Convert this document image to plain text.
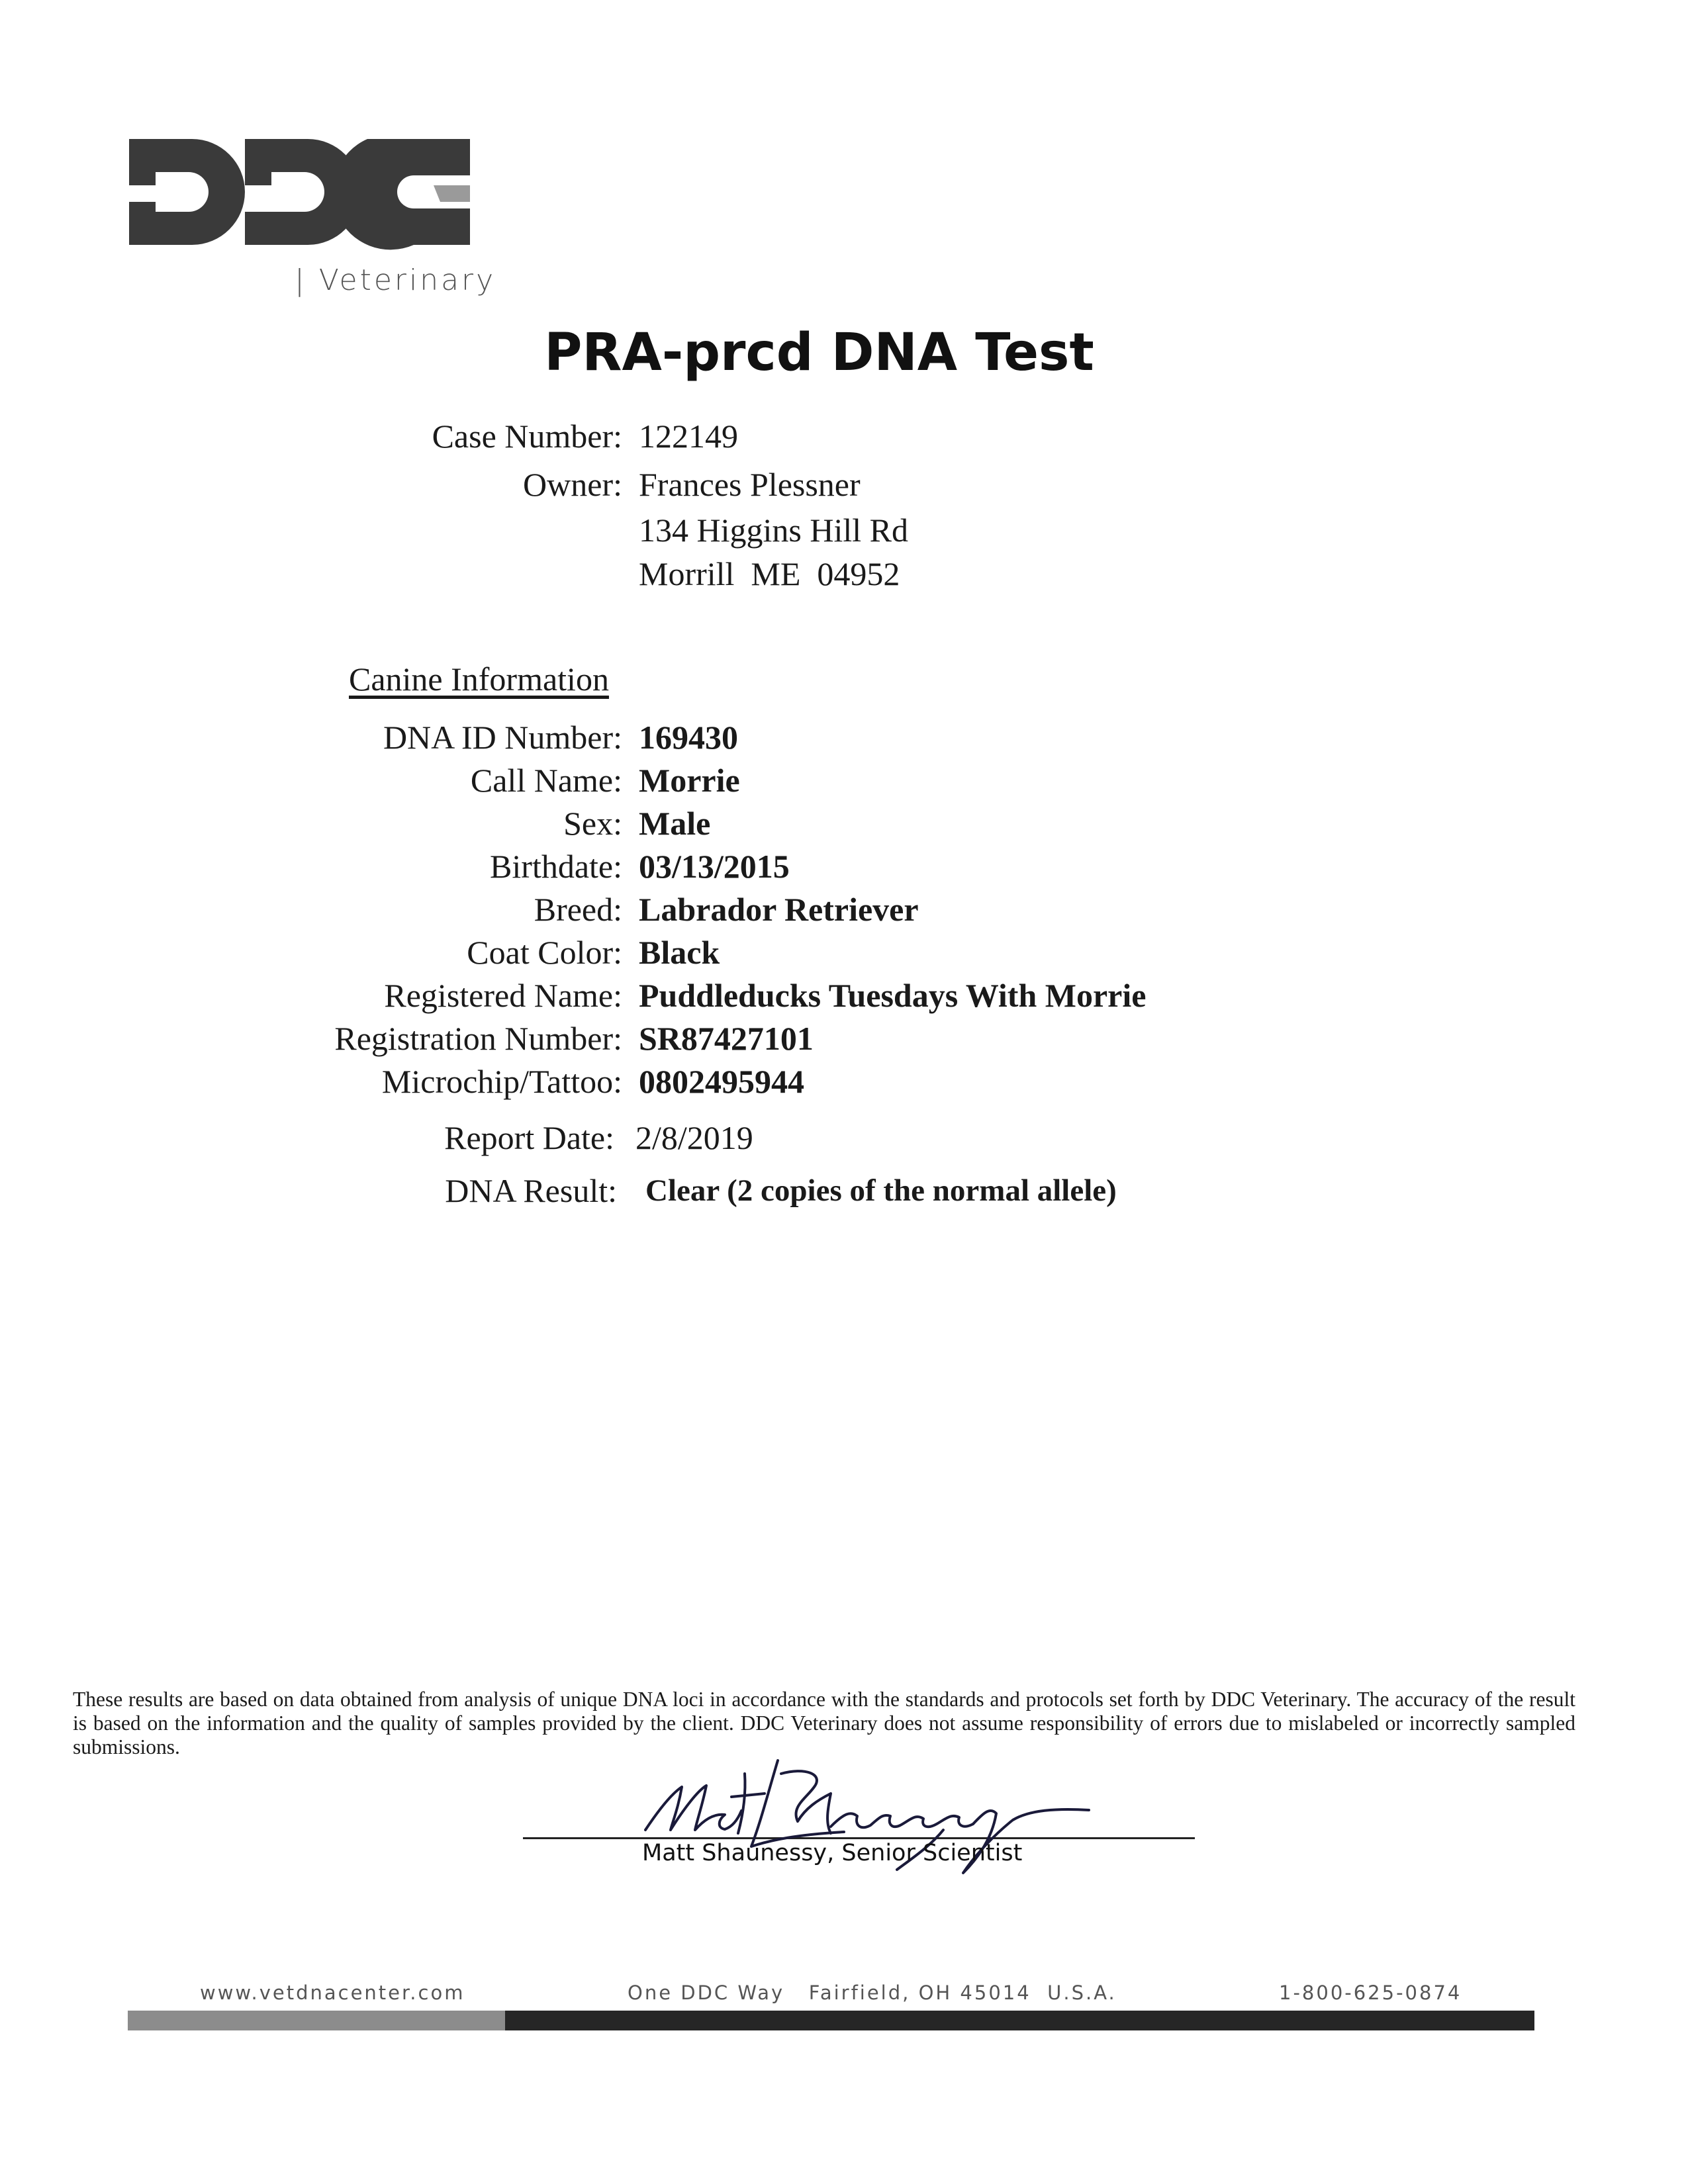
| Veterinary
PRA-prcd DNA Test
Case Number: 122149
Owner: Frances Plessner
134 Higgins Hill Rd
Morrill  ME  04952
Canine Information
DNA ID Number: 169430
Call Name: Morrie
Sex: Male
Birthdate: 03/13/2015
Breed: Labrador Retriever
Coat Color: Black
Registered Name: Puddleducks Tuesdays With Morrie
Registration Number: SR87427101
Microchip/Tattoo: 0802495944
Report Date: 2/8/2019
DNA Result: Clear (2 copies of the normal allele)
These results are based on data obtained from analysis of unique DNA loci in accordance with the standards and protocols set forth by DDC Veterinary. The accuracy of the result is based on the information and the quality of samples provided by the client. DDC Veterinary does not assume responsibility of errors due to mislabeled or incorrectly sampled submissions.
Matt Shaunessy, Senior Scientist
www.vetdnacenter.com	One DDC Way   Fairfield, OH 45014  U.S.A.	1-800-625-0874
